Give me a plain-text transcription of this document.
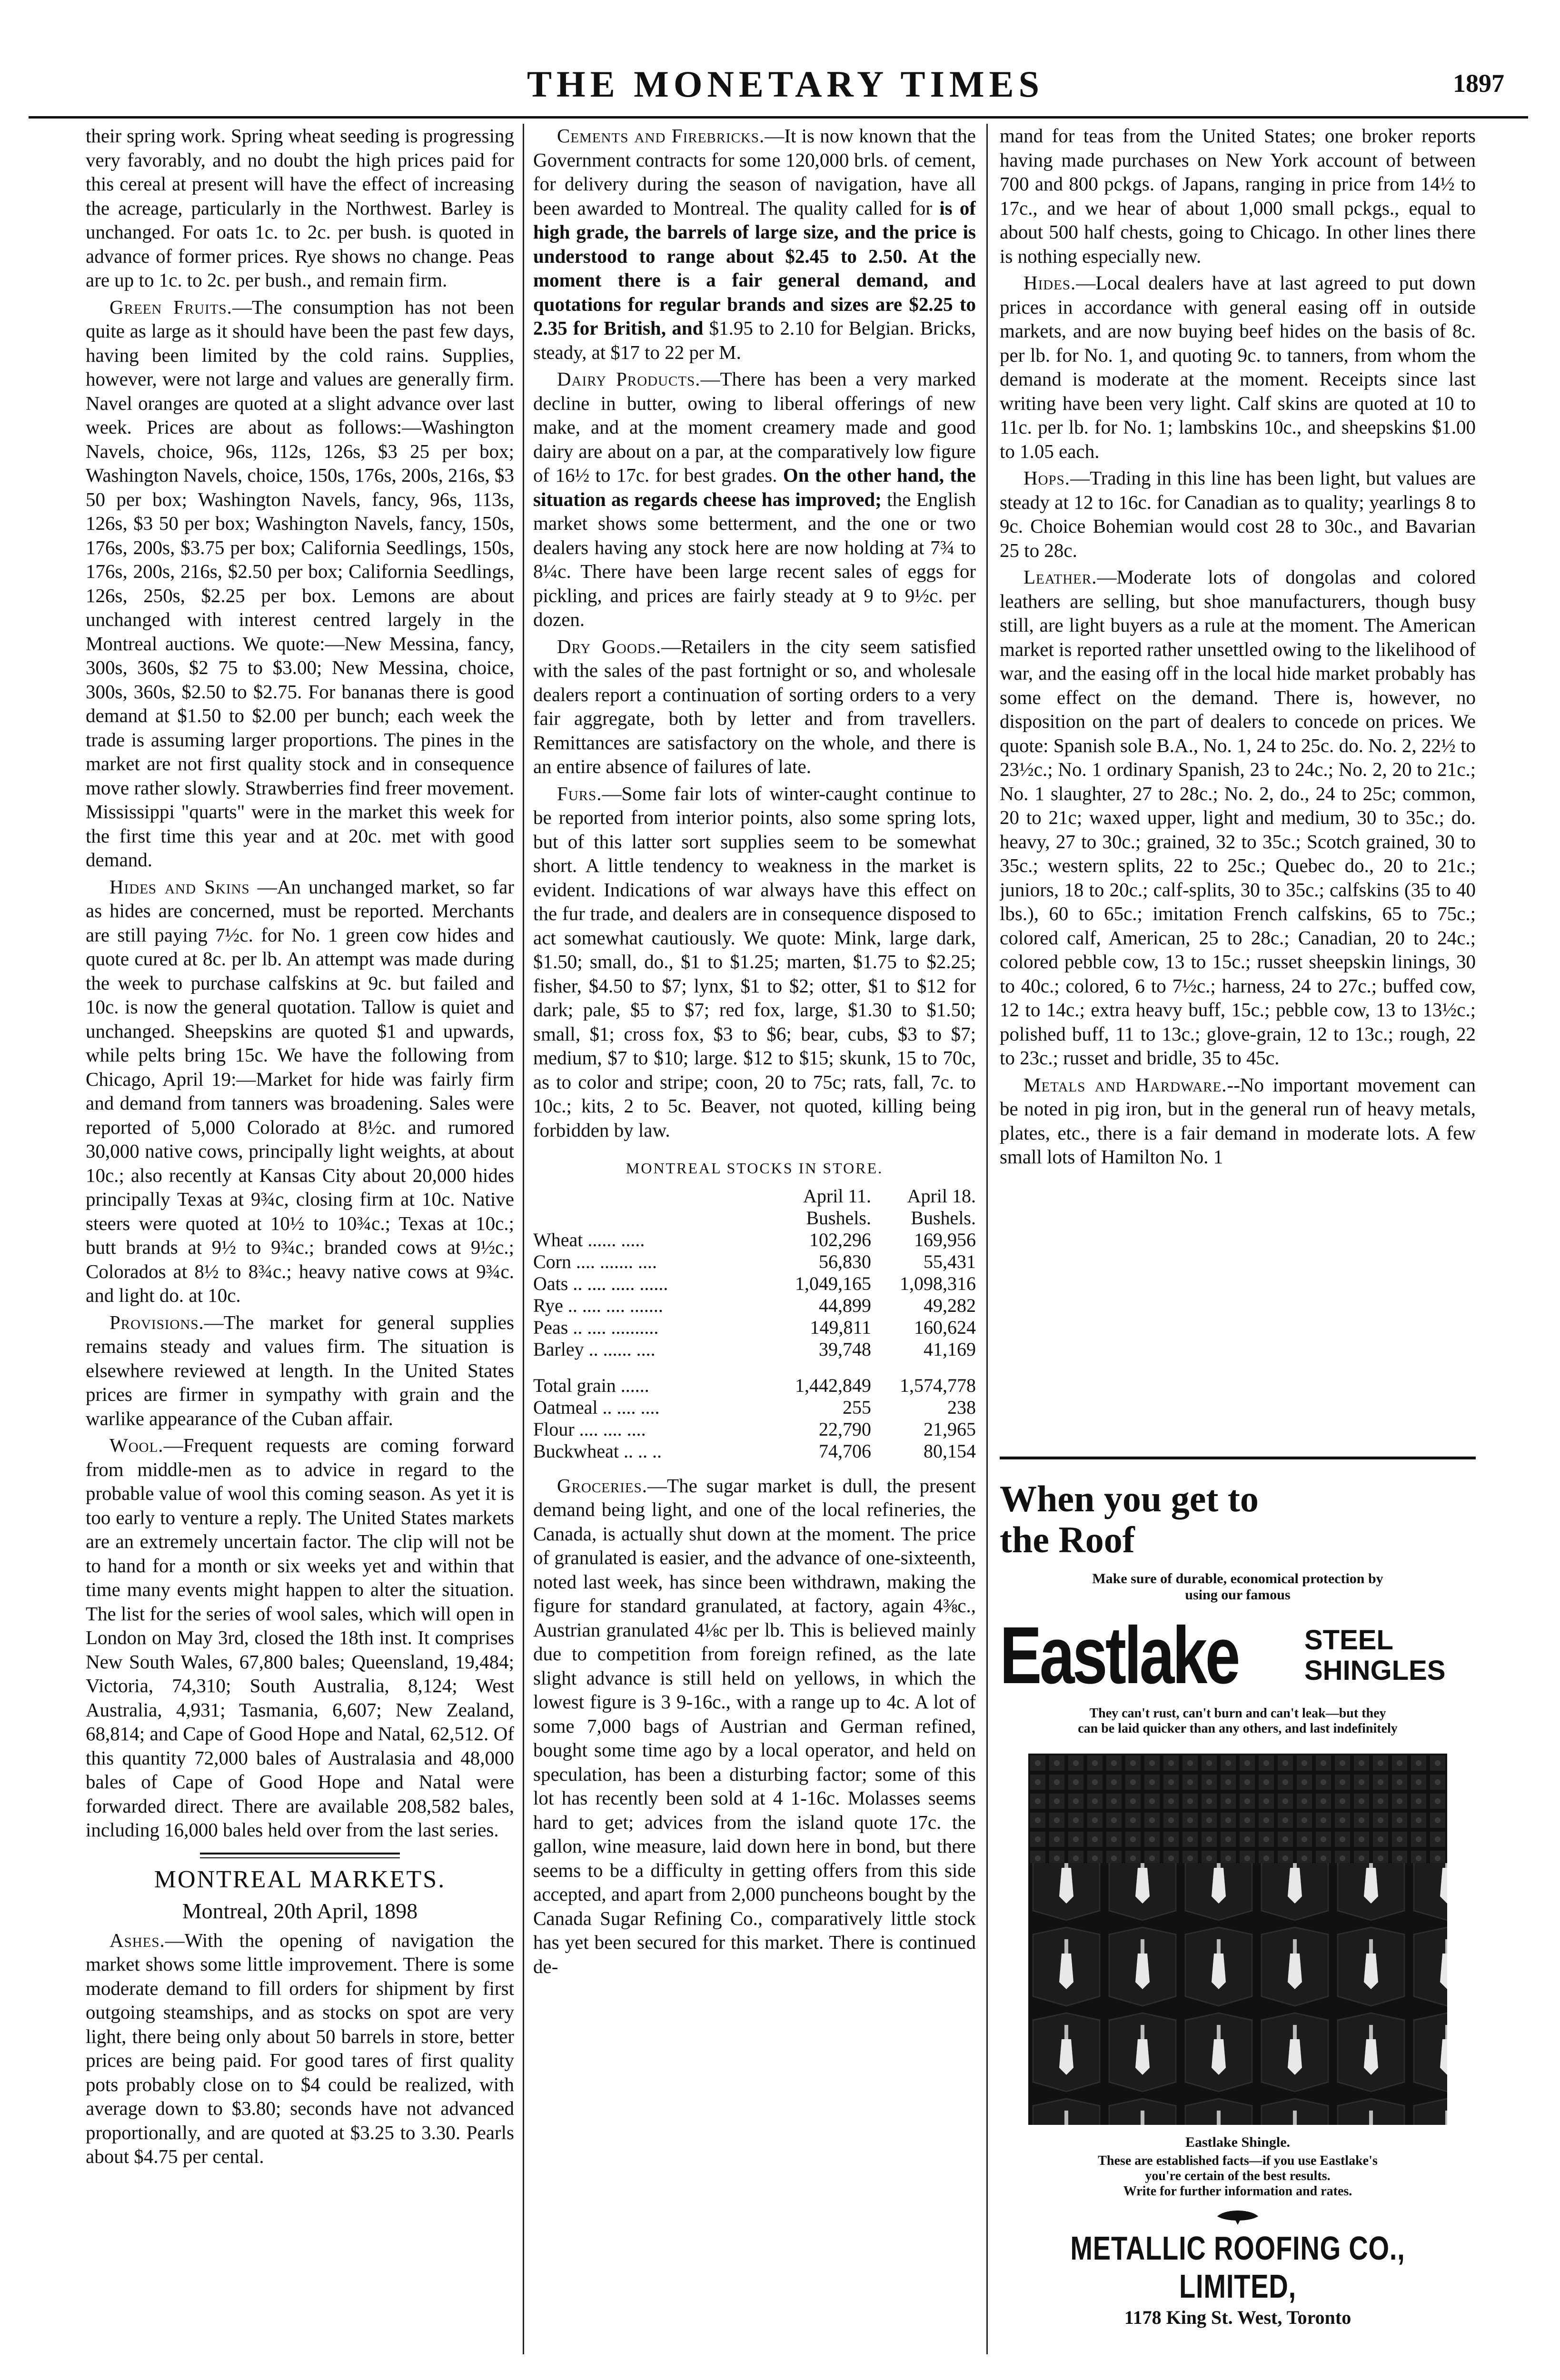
THE MONETARY TIMES	1897

their spring work. Spring wheat seeding is progressing very favorably, and no doubt the high prices paid for this cereal at present will have the effect of increasing the acreage, particularly in the Northwest. Barley is unchanged. For oats 1c. to 2c. per bush. is quoted in advance of former prices. Rye shows no change. Peas are up to 1c. to 2c. per bush., and remain firm.

Green Fruits.—The consumption has not been quite as large as it should have been the past few days, having been limited by the cold rains. Supplies, however, were not large and values are generally firm. Navel oranges are quoted at a slight advance over last week. Prices are about as follows:—Washington Navels, choice, 96s, 112s, 126s, $3 25 per box; Washington Navels, choice, 150s, 176s, 200s, 216s, $3 50 per box; Washington Navels, fancy, 96s, 113s, 126s, $3 50 per box; Washington Navels, fancy, 150s, 176s, 200s, $3.75 per box; California Seedlings, 150s, 176s, 200s, 216s, $2.50 per box; California Seedlings, 126s, 250s, $2.25 per box. Lemons are about unchanged with interest centred largely in the Montreal auctions. We quote:—New Messina, fancy, 300s, 360s, $2 75 to $3.00; New Messina, choice, 300s, 360s, $2.50 to $2.75. For bananas there is good demand at $1.50 to $2.00 per bunch; each week the trade is assuming larger proportions. The pines in the market are not first quality stock and in consequence move rather slowly. Strawberries find freer movement. Mississippi "quarts" were in the market this week for the first time this year and at 20c. met with good demand.

Hides and Skins —An unchanged market, so far as hides are concerned, must be reported. Merchants are still paying 7½c. for No. 1 green cow hides and quote cured at 8c. per lb. An attempt was made during the week to purchase calfskins at 9c. but failed and 10c. is now the general quotation. Tallow is quiet and unchanged. Sheepskins are quoted $1 and upwards, while pelts bring 15c. We have the following from Chicago, April 19:—Market for hide was fairly firm and demand from tanners was broadening. Sales were reported of 5,000 Colorado at 8½c. and rumored 30,000 native cows, principally light weights, at about 10c.; also recently at Kansas City about 20,000 hides principally Texas at 9¾c, closing firm at 10c. Native steers were quoted at 10½ to 10¾c.; Texas at 10c.; butt brands at 9½ to 9¾c.; branded cows at 9½c.; Colorados at 8½ to 8¾c.; heavy native cows at 9¾c. and light do. at 10c.

Provisions.—The market for general supplies remains steady and values firm. The situation is elsewhere reviewed at length. In the United States prices are firmer in sympathy with grain and the warlike appearance of the Cuban affair.

Wool.—Frequent requests are coming forward from middle-men as to advice in regard to the probable value of wool this coming season. As yet it is too early to venture a reply. The United States markets are an extremely uncertain factor. The clip will not be to hand for a month or six weeks yet and within that time many events might happen to alter the situation. The list for the series of wool sales, which will open in London on May 3rd, closed the 18th inst. It comprises New South Wales, 67,800 bales; Queensland, 19,484; Victoria, 74,310; South Australia, 8,124; West Australia, 4,931; Tasmania, 6,607; New Zealand, 68,814; and Cape of Good Hope and Natal, 62,512. Of this quantity 72,000 bales of Australasia and 48,000 bales of Cape of Good Hope and Natal were forwarded direct. There are available 208,582 bales, including 16,000 bales held over from the last series.

MONTREAL MARKETS.
Montreal, 20th April, 1898

Ashes.—With the opening of navigation the market shows some little improvement. There is some moderate demand to fill orders for shipment by first outgoing steamships, and as stocks on spot are very light, there being only about 50 barrels in store, better prices are being paid. For good tares of first quality pots probably close on to $4 could be realized, with average down to $3.80; seconds have not advanced proportionally, and are quoted at $3.25 to 3.30. Pearls about $4.75 per cental.

Cements and Firebricks.—It is now known that the Government contracts for some 120,000 brls. of cement, for delivery during the season of navigation, have all been awarded to Montreal. The quality called for is of high grade, the barrels of large size, and the price is understood to range about $2.45 to 2.50. At the moment there is a fair general demand, and quotations for regular brands and sizes are $2.25 to 2.35 for British, and $1.95 to 2.10 for Belgian. Bricks, steady, at $17 to 22 per M.

Dairy Products.—There has been a very marked decline in butter, owing to liberal offerings of new make, and at the moment creamery made and good dairy are about on a par, at the comparatively low figure of 16½ to 17c. for best grades. On the other hand, the situation as regards cheese has improved; the English market shows some betterment, and the one or two dealers having any stock here are now holding at 7¾ to 8¼c. There have been large recent sales of eggs for pickling, and prices are fairly steady at 9 to 9½c. per dozen.

Dry Goods.—Retailers in the city seem satisfied with the sales of the past fortnight or so, and wholesale dealers report a continuation of sorting orders to a very fair aggregate, both by letter and from travellers. Remittances are satisfactory on the whole, and there is an entire absence of failures of late.

Furs.—Some fair lots of winter-caught continue to be reported from interior points, also some spring lots, but of this latter sort supplies seem to be somewhat short. A little tendency to weakness in the market is evident. Indications of war always have this effect on the fur trade, and dealers are in consequence disposed to act somewhat cautiously. We quote: Mink, large dark, $1.50; small, do., $1 to $1.25; marten, $1.75 to $2.25; fisher, $4.50 to $7; lynx, $1 to $2; otter, $1 to $12 for dark; pale, $5 to $7; red fox, large, $1.30 to $1.50; small, $1; cross fox, $3 to $6; bear, cubs, $3 to $7; medium, $7 to $10; large. $12 to $15; skunk, 15 to 70c, as to color and stripe; coon, 20 to 75c; rats, fall, 7c. to 10c.; kits, 2 to 5c. Beaver, not quoted, killing being forbidden by law.

MONTREAL STOCKS IN STORE.
	April 11.	April 18.
	Bushels.	Bushels.
Wheat ...... .....	102,296	169,956
Corn .... ....... ....	56,830	55,431
Oats .. .... ..... ......	1,049,165	1,098,316
Rye .. .... .... .......	44,899	49,282
Peas .. .... ..........	149,811	160,624
Barley .. ...... ....	39,748	41,169

Total grain ......	1,442,849	1,574,778
Oatmeal .. .... ....	255	238
Flour .... .... ....	22,790	21,965
Buckwheat .. .. ..	74,706	80,154

Groceries.—The sugar market is dull, the present demand being light, and one of the local refineries, the Canada, is actually shut down at the moment. The price of granulated is easier, and the advance of one-sixteenth, noted last week, has since been withdrawn, making the figure for standard granulated, at factory, again 4⅜c., Austrian granulated 4⅛c per lb. This is believed mainly due to competition from foreign refined, as the late slight advance is still held on yellows, in which the lowest figure is 3 9-16c., with a range up to 4c. A lot of some 7,000 bags of Austrian and German refined, bought some time ago by a local operator, and held on speculation, has been a disturbing factor; some of this lot has recently been sold at 4 1-16c. Molasses seems hard to get; advices from the island quote 17c. the gallon, wine measure, laid down here in bond, but there seems to be a difficulty in getting offers from this side accepted, and apart from 2,000 puncheons bought by the Canada Sugar Refining Co., comparatively little stock has yet been secured for this market. There is continued de-

mand for teas from the United States; one broker reports having made purchases on New York account of between 700 and 800 pckgs. of Japans, ranging in price from 14½ to 17c., and we hear of about 1,000 small pckgs., equal to about 500 half chests, going to Chicago. In other lines there is nothing especially new.

Hides.—Local dealers have at last agreed to put down prices in accordance with general easing off in outside markets, and are now buying beef hides on the basis of 8c. per lb. for No. 1, and quoting 9c. to tanners, from whom the demand is moderate at the moment. Receipts since last writing have been very light. Calf skins are quoted at 10 to 11c. per lb. for No. 1; lambskins 10c., and sheepskins $1.00 to 1.05 each.

Hops.—Trading in this line has been light, but values are steady at 12 to 16c. for Canadian as to quality; yearlings 8 to 9c. Choice Bohemian would cost 28 to 30c., and Bavarian 25 to 28c.

Leather.—Moderate lots of dongolas and colored leathers are selling, but shoe manufacturers, though busy still, are light buyers as a rule at the moment. The American market is reported rather unsettled owing to the likelihood of war, and the easing off in the local hide market probably has some effect on the demand. There is, however, no disposition on the part of dealers to concede on prices. We quote: Spanish sole B.A., No. 1, 24 to 25c. do. No. 2, 22½ to 23½c.; No. 1 ordinary Spanish, 23 to 24c.; No. 2, 20 to 21c.; No. 1 slaughter, 27 to 28c.; No. 2, do., 24 to 25c; common, 20 to 21c; waxed upper, light and medium, 30 to 35c.; do. heavy, 27 to 30c.; grained, 32 to 35c.; Scotch grained, 30 to 35c.; western splits, 22 to 25c.; Quebec do., 20 to 21c.; juniors, 18 to 20c.; calf-splits, 30 to 35c.; calfskins (35 to 40 lbs.), 60 to 65c.; imitation French calfskins, 65 to 75c.; colored calf, American, 25 to 28c.; Canadian, 20 to 24c.; colored pebble cow, 13 to 15c.; russet sheepskin linings, 30 to 40c.; colored, 6 to 7½c.; harness, 24 to 27c.; buffed cow, 12 to 14c.; extra heavy buff, 15c.; pebble cow, 13 to 13½c.; polished buff, 11 to 13c.; glove-grain, 12 to 13c.; rough, 22 to 23c.; russet and bridle, 35 to 45c.

Metals and Hardware.--No important movement can be noted in pig iron, but in the general run of heavy metals, plates, etc., there is a fair demand in moderate lots. A few small lots of Hamilton No. 1

When you get to
the Roof
Make sure of durable, economical protection by
using our famous
Eastlake STEEL
SHINGLES
They can't rust, can't burn and can't leak—but they
can be laid quicker than any others, and last indefinitely
Eastlake Shingle.
These are established facts—if you use Eastlake's
you're certain of the best results.
Write for further information and rates.
METALLIC ROOFING CO., LIMITED,
1178 King St. West, Toronto
